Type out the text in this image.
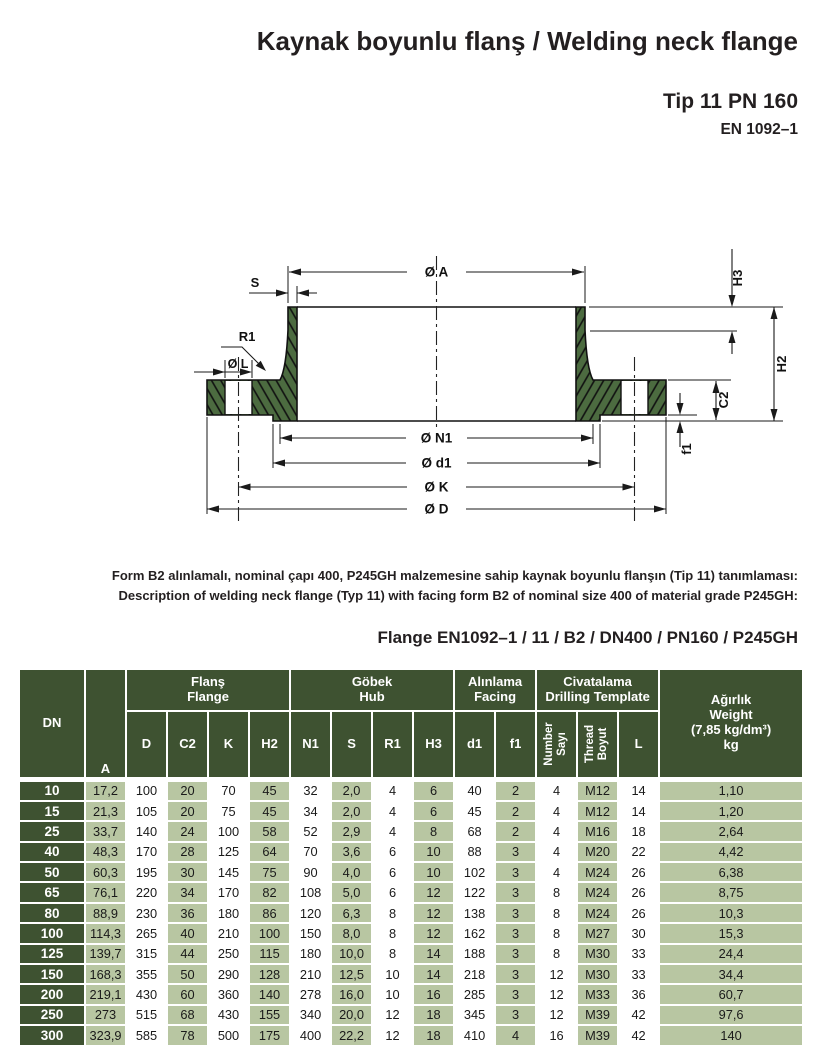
Kaynak boyunlu flanş / Welding neck flange
Tip 11 PN 160
EN 1092–1
Ø A
S
R1
Ø L
Ø N1
Ø d1
Ø K
Ø D
H3
H2
C2
f1
Form B2 alınlamalı, nominal çapı 400, P245GH malzemesine sahip kaynak boyunlu flanşın (Tip 11) tanımlaması:
Description of welding neck flange (Typ 11) with facing form B2 of nominal size 400 of material grade P245GH:
Flange EN1092–1 / 11 / B2 / DN400 / PN160 / P245GH
DN	A	
Flanş
Flange

Göbek
Hub

Alınlama
Facing

Civatalama
Drilling Template	Ağırlık
Weight
(7,85 kg/dm³)
kg

		D	C2	K	H2	N1	S	R1	H3	d1	f1	Number Sayı	Thread Boyut	L	
10	17,2	100	20	70	45	32	2,0	4	6	40	2	4	M12	14	1,10
15	21,3	105	20	75	45	34	2,0	4	6	45	2	4	M12	14	1,20
25	33,7	140	24	100	58	52	2,9	4	8	68	2	4	M16	18	2,64
40	48,3	170	28	125	64	70	3,6	6	10	88	3	4	M20	22	4,42
50	60,3	195	30	145	75	90	4,0	6	10	102	3	4	M24	26	6,38
65	76,1	220	34	170	82	108	5,0	6	12	122	3	8	M24	26	8,75
80	88,9	230	36	180	86	120	6,3	8	12	138	3	8	M24	26	10,3
100	114,3	265	40	210	100	150	8,0	8	12	162	3	8	M27	30	15,3
125	139,7	315	44	250	115	180	10,0	8	14	188	3	8	M30	33	24,4
150	168,3	355	50	290	128	210	12,5	10	14	218	3	12	M30	33	34,4
200	219,1	430	60	360	140	278	16,0	10	16	285	3	12	M33	36	60,7
250	273	515	68	430	155	340	20,0	12	18	345	3	12	M39	42	97,6
300	323,9	585	78	500	175	400	22,2	12	18	410	4	16	M39	42	140
